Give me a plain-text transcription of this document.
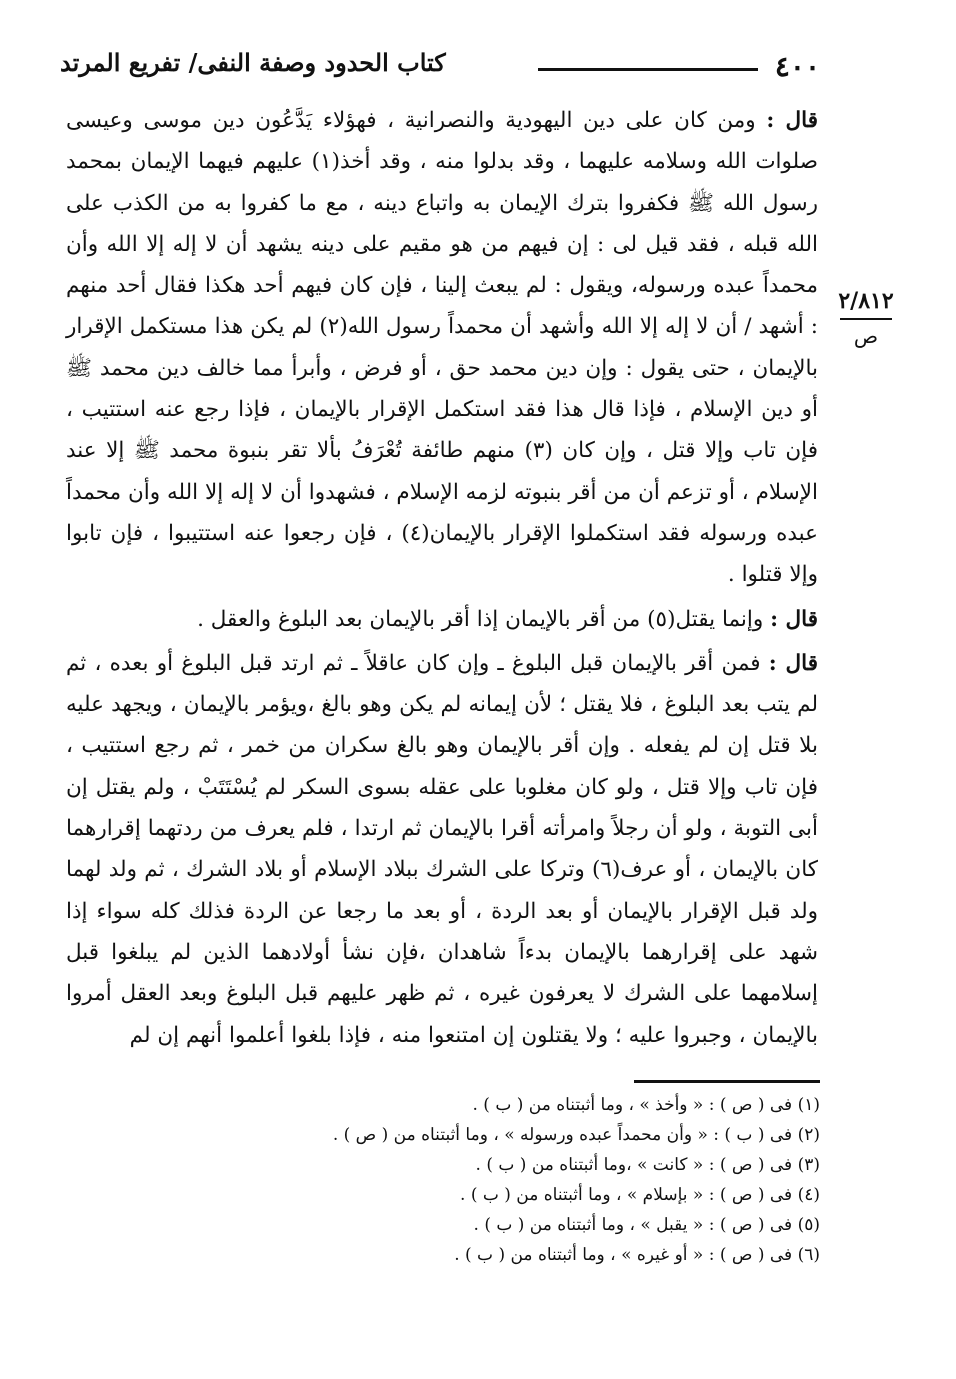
٤٠٠
كتاب الحدود وصفة النفى/ تفريع المرتد
٢/٨١٢
ص

قال : ومن كان على دين اليهودية والنصرانية ، فهؤلاء يَدَّعُون دين موسى وعيسى صلوات الله وسلامه عليهما ، وقد بدلوا منه ، وقد أخذ(١) عليهم فيهما الإيمان بمحمد رسول الله ﷺ فكفروا بترك الإيمان به واتباع دينه ، مع ما كفروا به من الكذب على الله قبله ، فقد قيل لى : إن فيهم من هو مقيم على دينه يشهد أن لا إله إلا الله وأن محمداً عبده ورسوله، ويقول : لم يبعث إلينا ، فإن كان فيهم أحد هكذا فقال أحد منهم : أشهد / أن لا إله إلا الله وأشهد أن محمداً رسول الله(٢) لم يكن هذا مستكمل الإقرار بالإيمان ، حتى يقول : وإن دين محمد حق ، أو فرض ، وأبرأ مما خالف دين محمد ﷺ أو دين الإسلام ، فإذا قال هذا فقد استكمل الإقرار بالإيمان ، فإذا رجع عنه استتيب ، فإن تاب وإلا قتل ، وإن كان (٣) منهم طائفة تُعْرَفُ بألا تقر بنبوة محمد ﷺ إلا عند الإسلام ، أو تزعم أن من أقر بنبوته لزمه الإسلام ، فشهدوا أن لا إله إلا الله وأن محمداً عبده ورسوله فقد استكملوا الإقرار بالإيمان(٤) ، فإن رجعوا عنه استتيبوا ، فإن تابوا وإلا قتلوا .

قال : وإنما يقتل(٥) من أقر بالإيمان إذا أقر بالإيمان بعد البلوغ والعقل .

قال : فمن أقر بالإيمان قبل البلوغ ـ وإن كان عاقلاً ـ ثم ارتد قبل البلوغ أو بعده ، ثم لم يتب بعد البلوغ ، فلا يقتل ؛ لأن إيمانه لم يكن وهو بالغ ،ويؤمر بالإيمان ، ويجهد عليه بلا قتل إن لم يفعله . وإن أقر بالإيمان وهو بالغ سكران من خمر ، ثم رجع استتيب ، فإن تاب وإلا قتل ، ولو كان مغلوبا على عقله بسوى السكر لم يُسْتَتَبْ ، ولم يقتل إن أبى التوبة ، ولو أن رجلاً وامرأته أقرا بالإيمان ثم ارتدا ، فلم يعرف من ردتهما إقرارهما كان بالإيمان ، أو عرف(٦) وتركا على الشرك ببلاد الإسلام أو بلاد الشرك ، ثم ولد لهما ولد قبل الإقرار بالإيمان أو بعد الردة ، أو بعد ما رجعا عن الردة فذلك كله سواء إذا شهد على إقرارهما بالإيمان بدءاً شاهدان ،فإن نشأ أولادهما الذين لم يبلغوا قبل إسلامهما على الشرك لا يعرفون غيره ، ثم ظهر عليهم قبل البلوغ وبعد العقل أمروا بالإيمان ، وجبروا عليه ؛ ولا يقتلون إن امتنعوا منه ، فإذا بلغوا أعلموا أنهم إن لم

(١) فى ( ص ) : « وأخذ » ، وما أثبتناه من ( ب ) .
(٢) فى ( ب ) : « وأن محمداً عبده ورسوله » ، وما أثبتناه من ( ص ) .
(٣) فى ( ص ) : « كانت » ،وما أثبتناه من ( ب ) .
(٤) فى ( ص ) : « بإسلام » ، وما أثبتناه من ( ب ) .
(٥) فى ( ص ) : « يقبل » ، وما أثبتناه من ( ب ) .
(٦) فى ( ص ) : « أو غيره » ، وما أثبتناه من ( ب ) .
